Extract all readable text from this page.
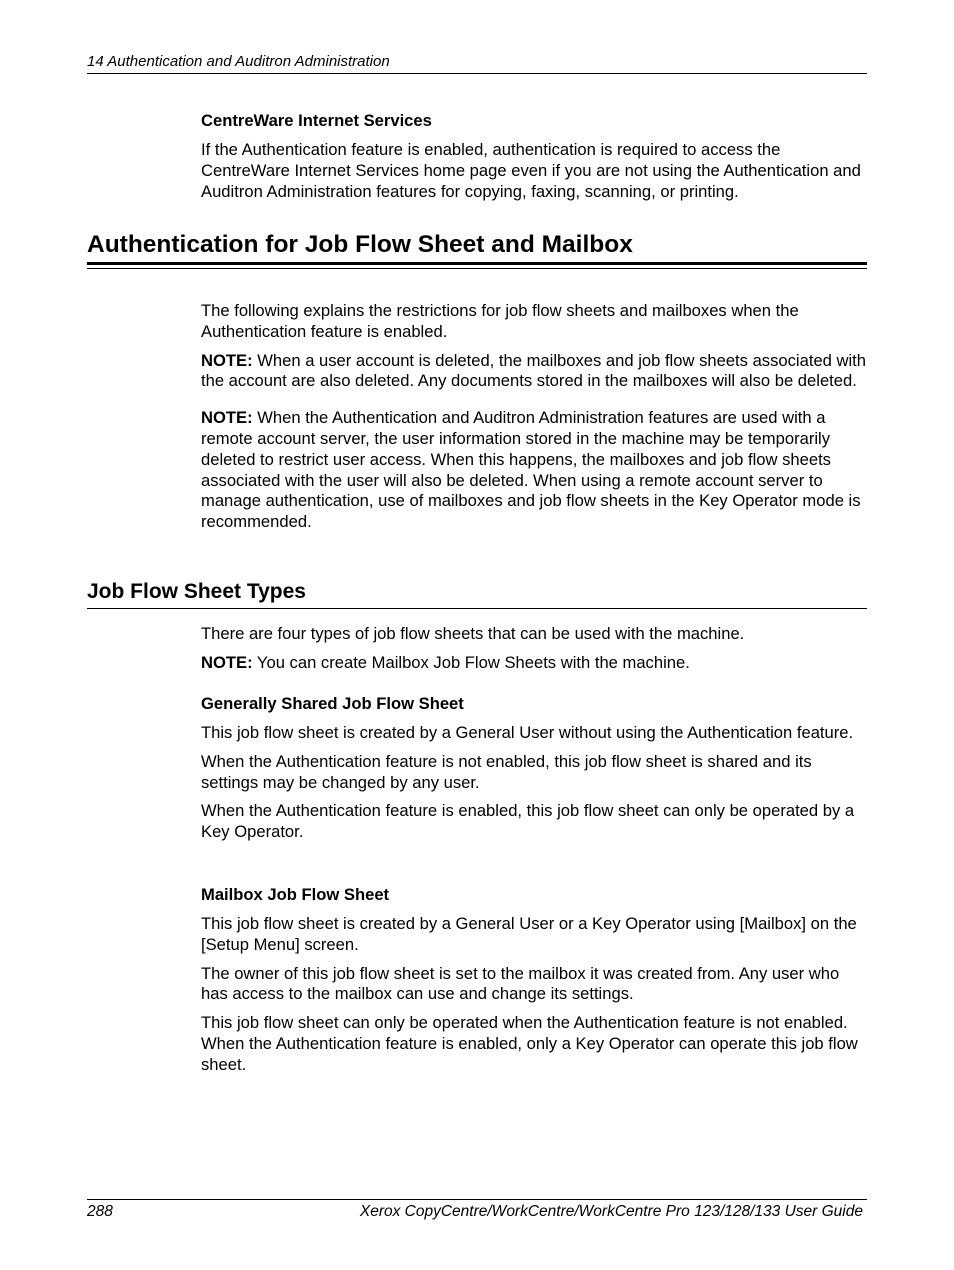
14 Authentication and Auditron Administration
CentreWare Internet Services

If the Authentication feature is enabled, authentication is required to access the CentreWare Internet Services home page even if you are not using the Authentication and Auditron Administration features for copying, faxing, scanning, or printing.

Authentication for Job Flow Sheet and Mailbox

The following explains the restrictions for job flow sheets and mailboxes when the Authentication feature is enabled.

NOTE: When a user account is deleted, the mailboxes and job flow sheets associated with the account are also deleted. Any documents stored in the mailboxes will also be deleted.

NOTE: When the Authentication and Auditron Administration features are used with a remote account server, the user information stored in the machine may be temporarily deleted to restrict user access. When this happens, the mailboxes and job flow sheets associated with the user will also be deleted. When using a remote account server to manage authentication, use of mailboxes and job flow sheets in the Key Operator mode is recommended.

Job Flow Sheet Types

There are four types of job flow sheets that can be used with the machine.

NOTE: You can create Mailbox Job Flow Sheets with the machine.

Generally Shared Job Flow Sheet

This job flow sheet is created by a General User without using the Authentication feature.

When the Authentication feature is not enabled, this job flow sheet is shared and its settings may be changed by any user.

When the Authentication feature is enabled, this job flow sheet can only be operated by a Key Operator.

Mailbox Job Flow Sheet

This job flow sheet is created by a General User or a Key Operator using [Mailbox] on the [Setup Menu] screen.

The owner of this job flow sheet is set to the mailbox it was created from. Any user who has access to the mailbox can use and change its settings.

This job flow sheet can only be operated when the Authentication feature is not enabled. When the Authentication feature is enabled, only a Key Operator can operate this job flow sheet.

288	Xerox CopyCentre/WorkCentre/WorkCentre Pro 123/128/133 User Guide
